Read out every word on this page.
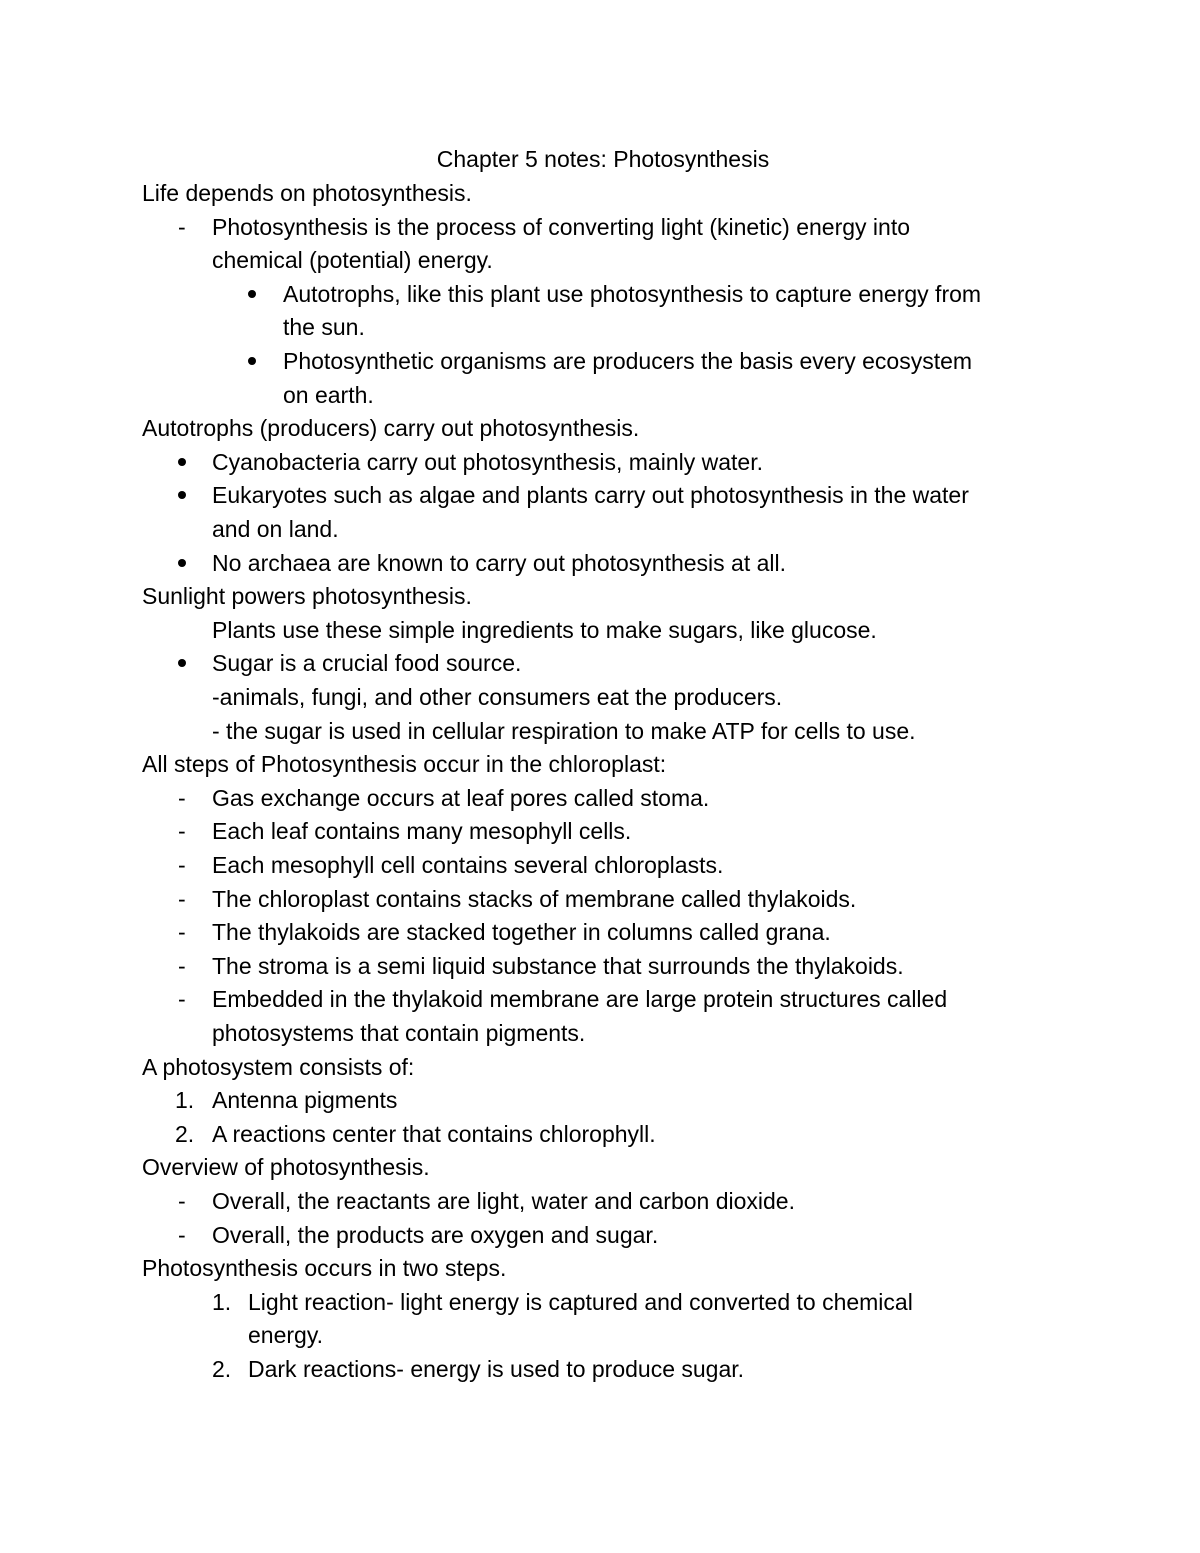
Chapter 5 notes: Photosynthesis
Life depends on photosynthesis.
- Photosynthesis is the process of converting light (kinetic) energy into
chemical (potential) energy.
Autotrophs, like this plant use photosynthesis to capture energy from
the sun.
Photosynthetic organisms are producers the basis every ecosystem
on earth.
Autotrophs (producers) carry out photosynthesis.
Cyanobacteria carry out photosynthesis, mainly water.
Eukaryotes such as algae and plants carry out photosynthesis in the water
and on land.
No archaea are known to carry out photosynthesis at all.
Sunlight powers photosynthesis.
Plants use these simple ingredients to make sugars, like glucose.
Sugar is a crucial food source.
-animals, fungi, and other consumers eat the producers.
- the sugar is used in cellular respiration to make ATP for cells to use.
All steps of Photosynthesis occur in the chloroplast:
- Gas exchange occurs at leaf pores called stoma.
- Each leaf contains many mesophyll cells.
- Each mesophyll cell contains several chloroplasts.
- The chloroplast contains stacks of membrane called thylakoids.
- The thylakoids are stacked together in columns called grana.
- The stroma is a semi liquid substance that surrounds the thylakoids.
- Embedded in the thylakoid membrane are large protein structures called
photosystems that contain pigments.
A photosystem consists of:
1. Antenna pigments
2. A reactions center that contains chlorophyll.
Overview of photosynthesis.
- Overall, the reactants are light, water and carbon dioxide.
- Overall, the products are oxygen and sugar.
Photosynthesis occurs in two steps.
1. Light reaction- light energy is captured and converted to chemical
energy.
2. Dark reactions- energy is used to produce sugar.
